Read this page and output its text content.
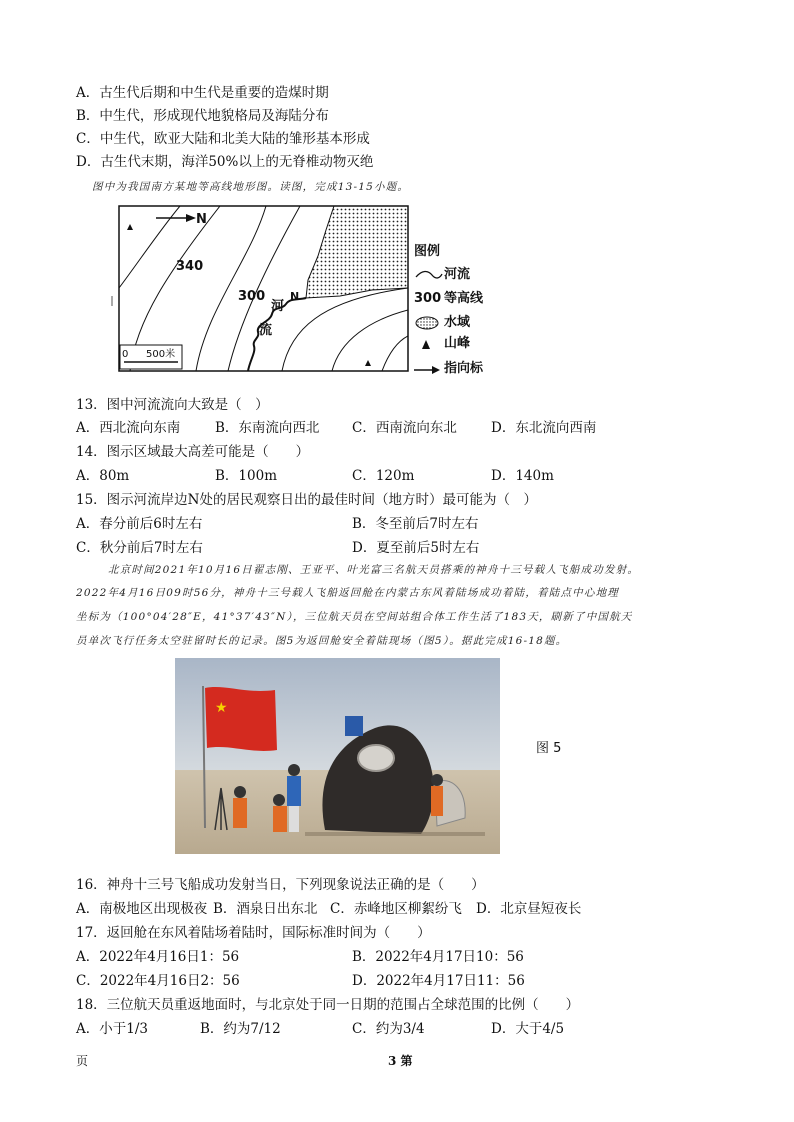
A．古生代后期和中生代是重要的造煤时期
B．中生代，形成现代地貌格局及海陆分布
C．中生代，欧亚大陆和北美大陆的雏形基本形成
D．古生代末期，海洋50%以上的无脊椎动物灭绝
图中为我国南方某地等高线地形图。读图，完成13-15小题。
N
340
300
河
流
N
0 500米
图例
河流
300 等高线
水域
山峰
指向标
13．图中河流流向大致是（　）
A．西北流向东南	B．东南流向西北 C．西南流向东北	D．东北流向西南
14．图示区域最大高差可能是（　　）
A．80m	B．100m	C．120m	D．140m
15．图示河流岸边N处的居民观察日出的最佳时间（地方时）最可能为（　）
A．春分前后6时左右	B．冬至前后7时左右
C．秋分前后7时左右	D．夏至前后5时左右
北京时间2021年10月16日翟志刚、王亚平、叶光富三名航天员搭乘的神舟十三号载人飞船成功发射。
2022年4月16日09时56分，神舟十三号载人飞船返回舱在内蒙古东风着陆场成功着陆，着陆点中心地理
坐标为（100°04′28″E，41°37′43″N），三位航天员在空间站组合体工作生活了183天，刷新了中国航天
员单次飞行任务太空驻留时长的记录。图5为返回舱安全着陆现场（图5）。据此完成16-18题。
★
图 5
16．神舟十三号飞船成功发射当日，下列现象说法正确的是（　　）
A．南极地区出现极夜 B．酒泉日出东北 C．赤峰地区柳絮纷飞 D．北京昼短夜长
17．返回舱在东风着陆场着陆时，国际标准时间为（　　）
A．2022年4月16日1：56	B．2022年4月17日10：56
C．2022年4月16日2：56	D．2022年4月17日11：56
18．三位航天员重返地面时，与北京处于同一日期的范围占全球范围的比例（　　）
A．小于1/3	B．约为7/12	C．约为3/4	D．大于4/5
页	3 第
